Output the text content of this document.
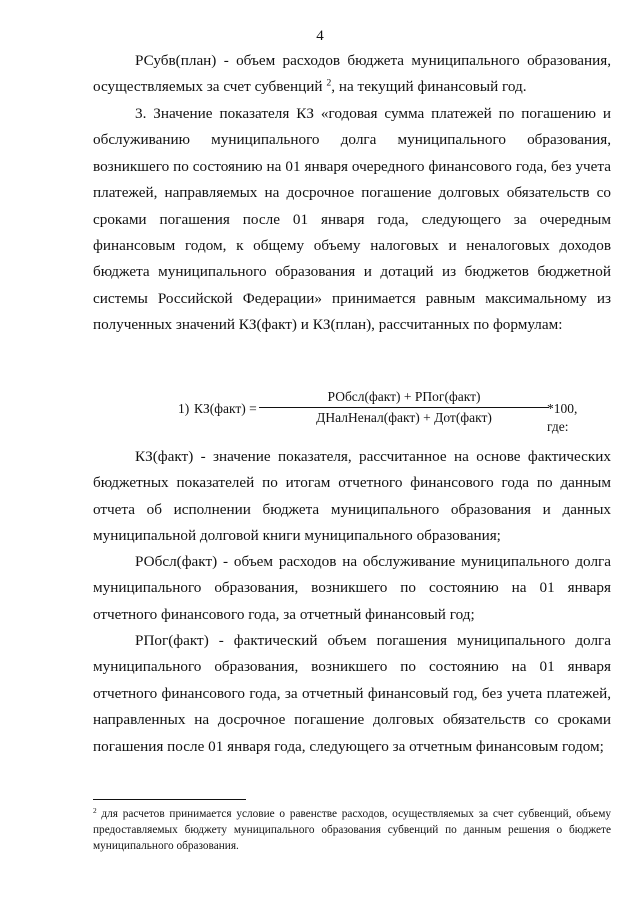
4
РСубв(план) - объем расходов бюджета муниципального образования, осуществляемых за счет субвенций $^2$, на текущий финансовый год.
3. Значение показателя КЗ «годовая сумма платежей по погашению и обслуживанию муниципального долга муниципального образования, возникшего по состоянию на 01 января очередного финансового года, без учета платежей, направляемых на досрочное погашение долговых обязательств со сроками погашения после 01 января года, следующего за очередным финансовым годом, к общему объему налоговых и неналоговых доходов бюджета муниципального образования и дотаций из бюджетов бюджетной системы Российской Федерации» принимается равным максимальному из полученных значений КЗ(факт) и КЗ(план), рассчитанных по формулам:
1) КЗ(факт) =
РОбсл(факт) + РПог(факт)
ДНалНенал(факт) + Дот(факт)
*100, где:
КЗ(факт) - значение показателя, рассчитанное на основе фактических бюджетных показателей по итогам отчетного финансового года по данным отчета об исполнении бюджета муниципального образования и данных муниципальной долговой книги муниципального образования;
РОбсл(факт) - объем расходов на обслуживание муниципального долга муниципального образования, возникшего по состоянию на 01 января отчетного финансового года, за отчетный финансовый год;
РПог(факт) - фактический объем погашения муниципального долга муниципального образования, возникшего по состоянию на 01 января отчетного финансового года, за отчетный финансовый год, без учета платежей, направленных на досрочное погашение долговых обязательств со сроками погашения после 01 января года, следующего за отчетным финансовым годом;
$^2$ для расчетов принимается условие о равенстве расходов, осуществляемых за счет субвенций, объему предоставляемых бюджету муниципального образования субвенций по данным решения о бюджете муниципального образования.
